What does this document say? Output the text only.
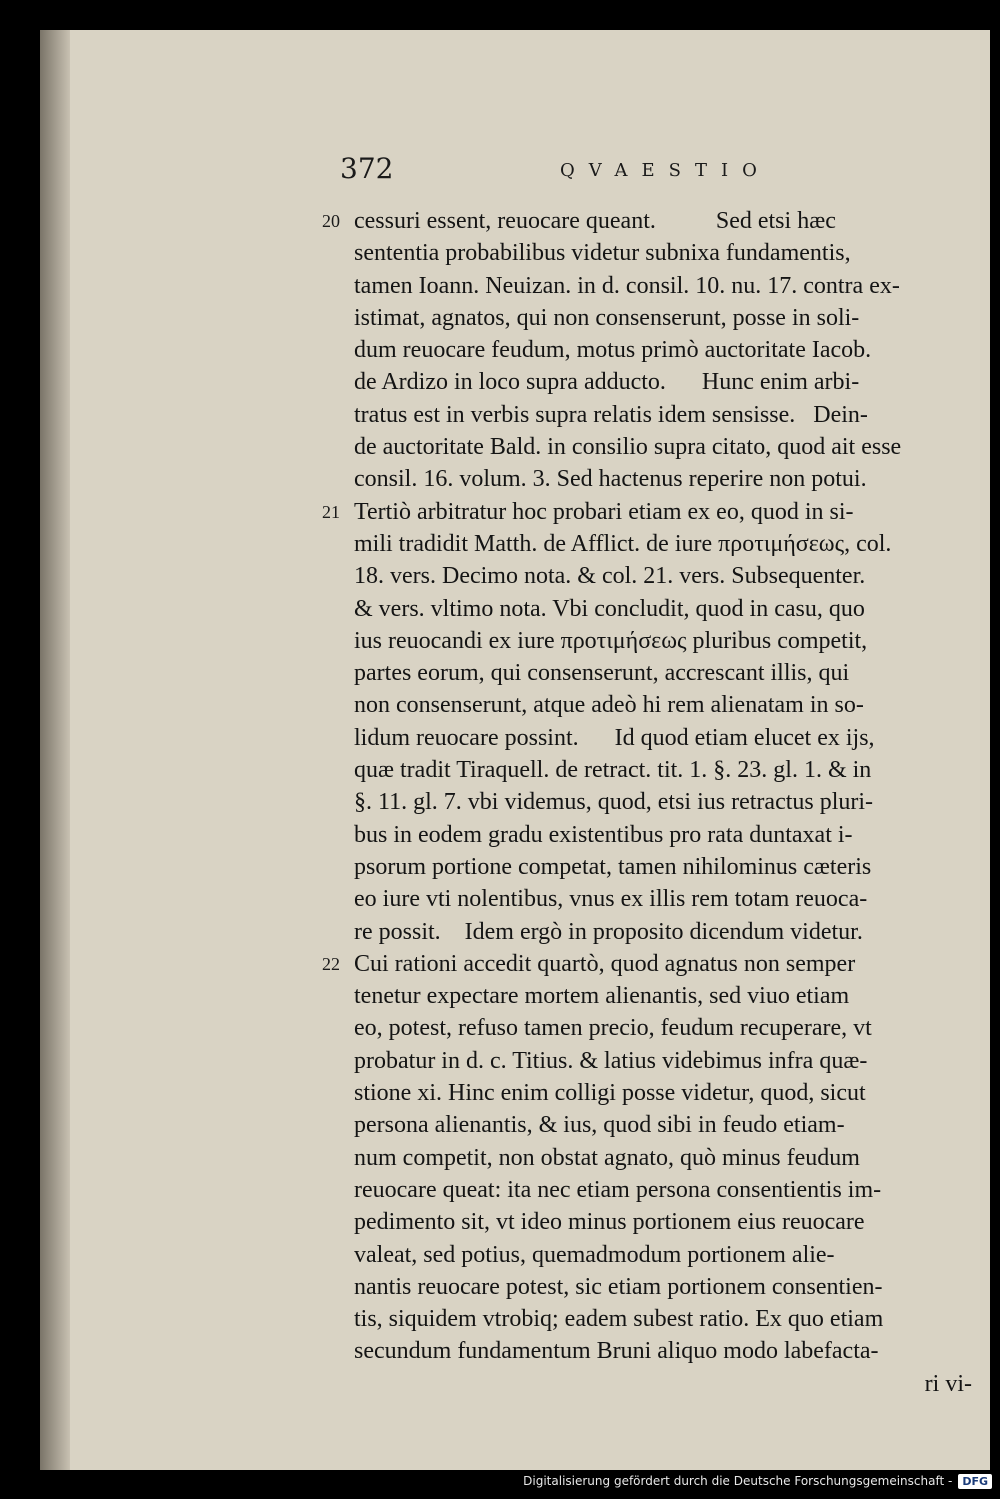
372	QVAESTIO
20 cessuri essent, reuocare queant.          Sed etsi hæc
sententia probabilibus videtur subnixa fundamentis,
tamen Ioann. Neuizan. in d. consil. 10. nu. 17. contra ex-
istimat, agnatos, qui non consenserunt, posse in soli-
dum reuocare feudum, motus primò auctoritate Iacob.
de Ardizo in loco supra adducto.      Hunc enim arbi-
tratus est in verbis supra relatis idem sensisse.   Dein-
de auctoritate Bald. in consilio supra citato, quod ait esse
consil. 16. volum. 3. Sed hactenus reperire non potui.
21 Tertiò arbitratur hoc probari etiam ex eo, quod in si-
mili tradidit Matth. de Afflict. de iure προτιμήσεως, col.
18. vers. Decimo nota. & col. 21. vers. Subsequenter.
& vers. vltimo nota. Vbi concludit, quod in casu, quo
ius reuocandi ex iure προτιμήσεως pluribus competit,
partes eorum, qui consenserunt, accrescant illis, qui
non consenserunt, atque adeò hi rem alienatam in so-
lidum reuocare possint.      Id quod etiam elucet ex ijs,
quæ tradit Tiraquell. de retract. tit. 1. §. 23. gl. 1. & in
§. 11. gl. 7. vbi videmus, quod, etsi ius retractus pluri-
bus in eodem gradu existentibus pro rata duntaxat i-
psorum portione competat, tamen nihilominus cæteris
eo iure vti nolentibus, vnus ex illis rem totam reuoca-
re possit.    Idem ergò in proposito dicendum videtur.
22 Cui rationi accedit quartò, quod agnatus non semper
tenetur expectare mortem alienantis, sed viuo etiam
eo, potest, refuso tamen precio, feudum recuperare, vt
probatur in d. c. Titius. & latius videbimus infra quæ-
stione xi. Hinc enim colligi posse videtur, quod, sicut
persona alienantis, & ius, quod sibi in feudo etiam-
num competit, non obstat agnato, quò minus feudum
reuocare queat: ita nec etiam persona consentientis im-
pedimento sit, vt ideo minus portionem eius reuocare
valeat, sed potius, quemadmodum portionem alie-
nantis reuocare potest, sic etiam portionem consentien-
tis, siquidem vtrobiq; eadem subest ratio. Ex quo etiam
secundum fundamentum Bruni aliquo modo labefacta-
ri vi-
Digitalisierung gefördert durch die Deutsche Forschungsgemeinschaft - DFG
